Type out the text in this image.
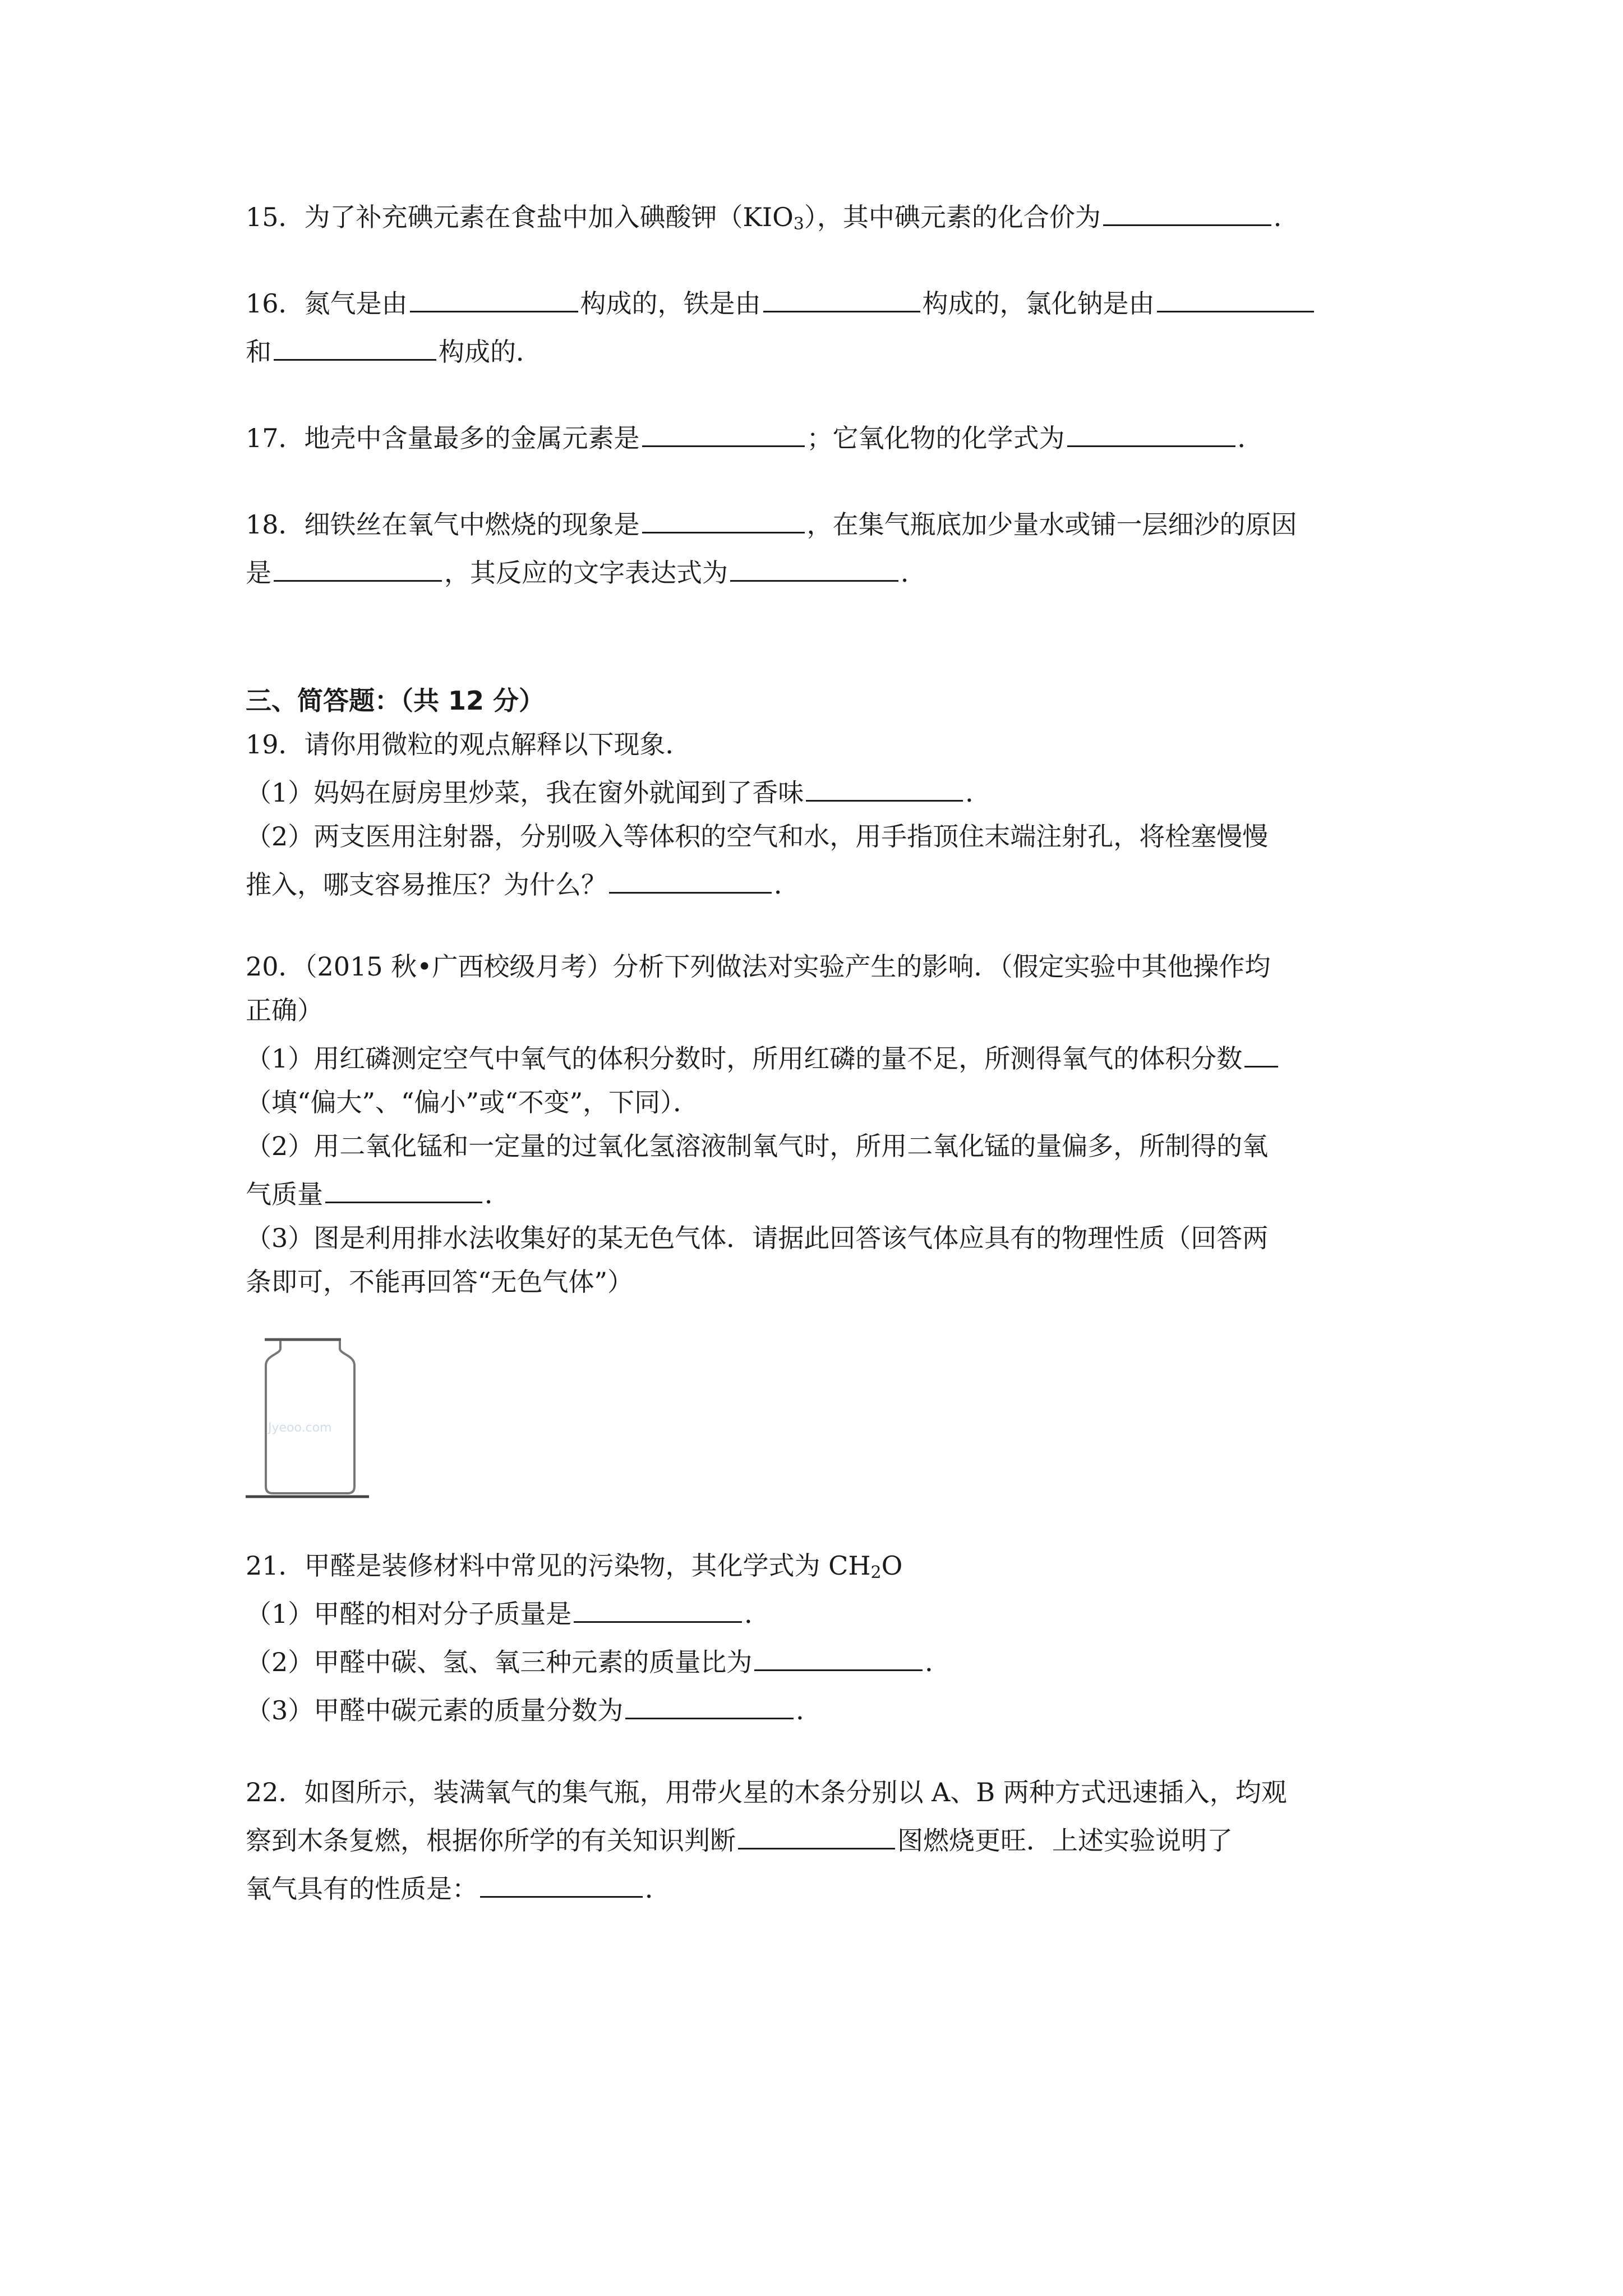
15．为了补充碘元素在食盐中加入碘酸钾$(KIO_3)$，其中碘元素的化合价为	．
16．氮气是由	构成的，铁是由	构成的，氯化钠是由
和	构成的．
17．地壳中含量最多的金属元素是	；它氧化物的化学式为	．
18．细铁丝在氧气中燃烧的现象是	，在集气瓶底加少量水或铺一层细沙的原因
是	，其反应的文字表达式为	．
三、简答题：（共 12 分）
19．请你用微粒的观点解释以下现象．
（1）妈妈在厨房里炒菜，我在窗外就闻到了香味	．
（2）两支医用注射器，分别吸入等体积的空气和水，用手指顶住末端注射孔，将栓塞慢慢
推入，哪支容易推压？为什么？	．
20．（2015 秋•广西校级月考）分析下列做法对实验产生的影响．（假定实验中其他操作均
正确）
（1）用红磷测定空气中氧气的体积分数时，所用红磷的量不足，所测得氧气的体积分数
（填“偏大”、“偏小”或“不变”，下同）．
（2）用二氧化锰和一定量的过氧化氢溶液制氧气时，所用二氧化锰的量偏多，所制得的氧
气质量	．
（3）图是利用排水法收集好的某无色气体．请据此回答该气体应具有的物理性质（回答两
条即可，不能再回答“无色气体”）
Jyeoo.com
21．甲醛是装修材料中常见的污染物，其化学式为 $CH_2O$
（1）甲醛的相对分子质量是	．
（2）甲醛中碳、氢、氧三种元素的质量比为	．
（3）甲醛中碳元素的质量分数为	．
22．如图所示，装满氧气的集气瓶，用带火星的木条分别以 A、B 两种方式迅速插入，均观
察到木条复燃，根据你所学的有关知识判断	图燃烧更旺．上述实验说明了
氧气具有的性质是：	．
